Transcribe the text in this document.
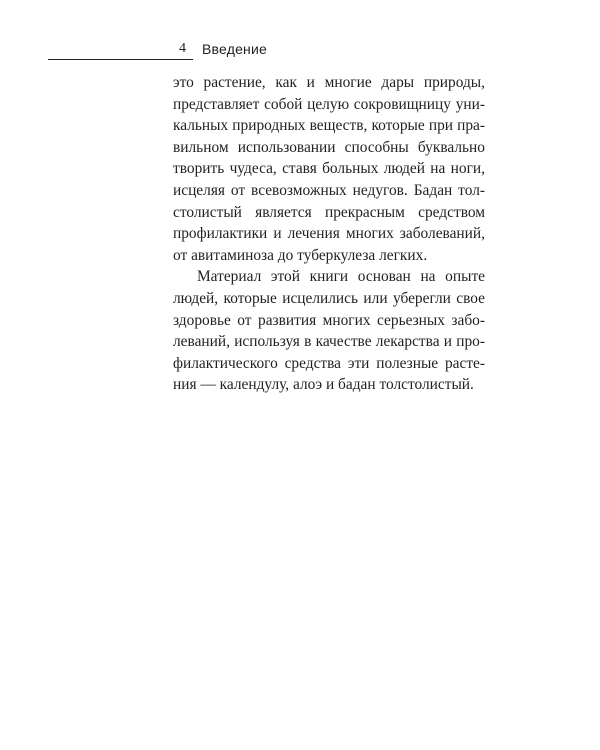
4 Введение

это растение, как и многие дары природы,
представляет собой целую сокровищницу уни-
кальных природных веществ, которые при пра-
вильном использовании способны буквально
творить чудеса, ставя больных людей на ноги,
исцеляя от всевозможных недугов. Бадан тол-
столистый является прекрасным средством
профилактики и лечения многих заболеваний,
от авитаминоза до туберкулеза легких.

Материал этой книги основан на опыте
людей, которые исцелились или уберегли свое
здоровье от развития многих серьезных забо-
леваний, используя в качестве лекарства и про-
филактического средства эти полезные расте-
ния — календулу, алоэ и бадан толстолистый.
